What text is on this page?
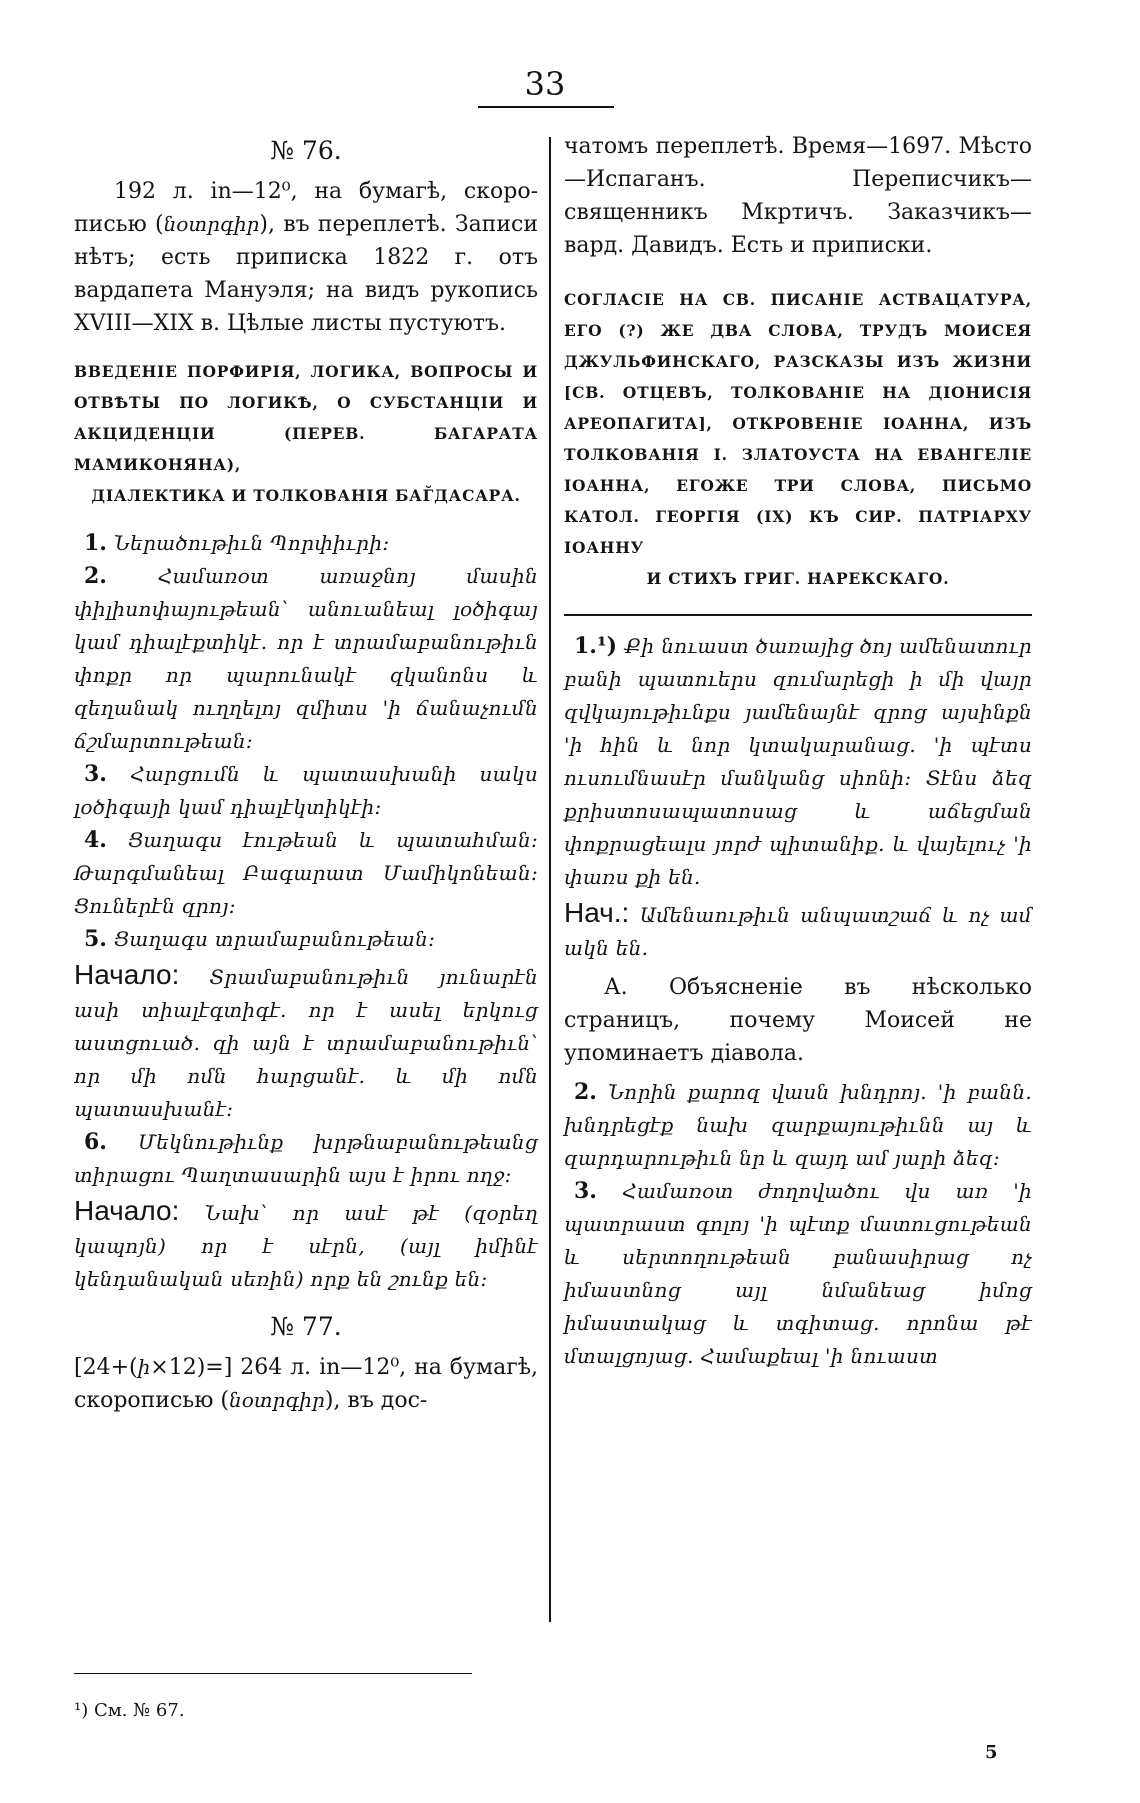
33
№ 76.

192 л. in—12⁰, на бумагѣ, скоро-писью (նօտրգիր), въ переплетѣ. Записи нѣтъ; есть приписка 1822 г. отъ вардапета Мануэля; на видъ рукопись XVIII—XIX в. Цѣлые листы пустуютъ.

ВВЕДЕНІЕ ПОРФИРІЯ, ЛОГИКА, ВОПРОСЫ И ОТВѢТЫ ПО ЛОГИКѢ, О СУБСТАНЦІИ И АКЦИДЕНЦІИ (ПЕРЕВ. БАГАРАТА МАМИКОНЯНА),

ДІАЛЕКТИКА И ТОЛКОВАНІЯ БАГ̆ДАСАРА.

1. Ներածութիւն Պորփիւրի:

2.	Համառօտ առաջնոյ մասին փիլիսոփայութեան՝ անուանեալ լօծիգայ կամ դիալէքտիկէ. որ է տրամաբանութիւն փոքր որ պարունակէ զկանոնս և զեղանակ ուղղելոյ զմիտս 'ի ճանաչումն ճշմարտութեան:

3. Հարցումն և պատասխանի սակս լօծիգայի կամ դիալէկտիկէի:

4. Ցաղագս էութեան և պատահման: Թարգմանեալ Բագարատ Մամիկոնեան: Ցուներէն զրոյ:

5. Ցաղագս տրամաբանութեան:

Начало: Տրամաբանութիւն յունարէն ասի տիալէգտիգէ. որ է ասել երկուց աստցուած. զի այն է տրամաբանութիւն՝ որ մի ոմն հարցանէ. և մի ոմն պատասխանէ:

6. Մեկնութիւնք խրթնաբանութեանց տիրացու Պաղտասարին այս է իրու ողջ:

Начало: Նախ՝ որ ասէ թէ (զօրեղ կապոյն) որ է սէրն, (այլ իմինէ կենդանական սեռին) որք են շունք են:

№ 77.

[24+(ի×12)=] 264 л. in—12⁰, на бумагѣ, скорописью (նօտրգիր), въ дос-

¹) См. № 67.

чатомъ переплетѣ. Время—1697. Мѣсто—Испаганъ. Переписчикъ—священникъ Мкртичъ. Заказчикъ—вард. Давидъ. Есть и приписки.

СОГЛАСІЕ НА СВ. ПИСАНІЕ АСТВАЦАТУРА, ЕГО (?) ЖЕ ДВА СЛОВА, ТРУДЪ МОИСЕЯ ДЖУЛЬФИНСКАГО, РАЗСКАЗЫ ИЗЪ ЖИЗНИ [СВ. ОТЦЕВЪ, ТОЛКОВАНІЕ НА ДІОНИСІЯ АРЕОПАГИТА], ОТКРОВЕНІЕ ІОАННА, ИЗЪ ТОЛКОВАНІЯ І. ЗЛАТОУСТА НА ЕВАНГЕЛІЕ ІОАННА, ЕГОЖЕ ТРИ СЛОВА, ПИСЬМО КАТОЛ. ГЕОРГІЯ (IX) КЪ СИР. ПАТРІАРХУ ІОАННУ

И СТИХЪ ГРИГ. НАРЕКСКАГО.

1.¹) Քի նուաստ ծառայից ծոյ ամենատուր բանի պատուերս զումարեցի ի մի վայր զվկայութիւնքս յամենայնէ զրոց այսինքն 'ի հին և նոր կտակարանաց. 'ի պէտս ուսումնասէր մանկանց սիոնի: Տէնս ձեզ քրիստոսապատոսաց և աճեցման փոքրացեալս յորժ պիտանիք. և վայելուչ 'ի փառս քի են.

Нач.: Ամենաութիւն անպատշաճ և ոչ ամ ակն են.

А. Объясненіе въ нѣсколько страницъ, почему Моисей не упоминаетъ діавола.

2. Նորին քարոզ վասն խնդրոյ. 'ի բանն. խնդրեցէք նախ զարքայութիւնն այ և զարդարութիւն նր և զայդ ամ յարի ձեզ:

3. Համառօտ ժողովածու վս առ 'ի պատրաստ գոլոյ 'ի պէտք մատուցութեան և սերտողութեան բանասիրաց ոչ իմաստնոց այլ նմանեաց իմոց իմաստակաց և տգիտաց. որոնա թէ մտալցոյաց. Համաքեալ 'ի նուաստ

5
